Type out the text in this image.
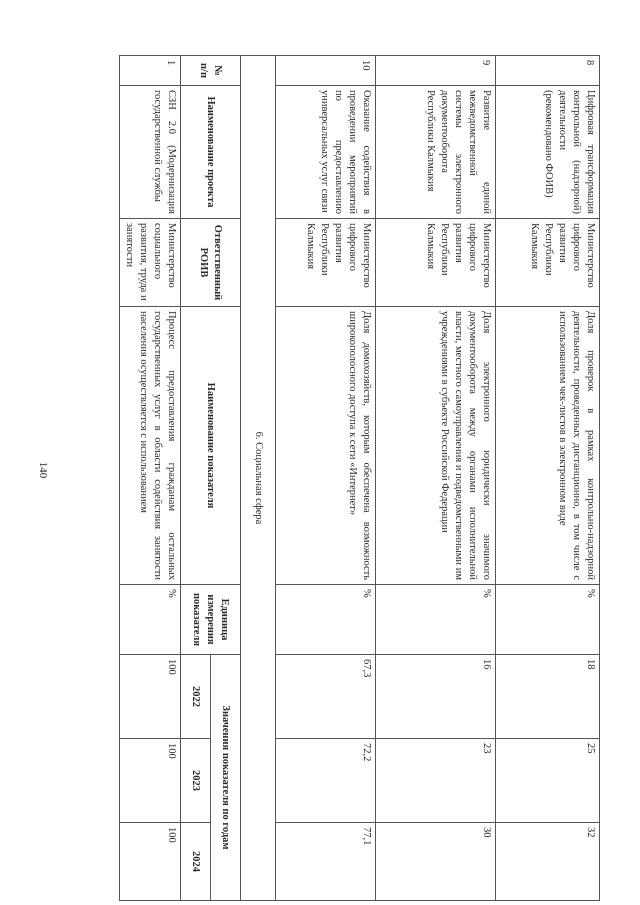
140
8	Цифровая трансформация контрольной (надзорной) деятельности (рекомендовано ФОИВ)	Министерство цифрового развития Республики Калмыкия	Доля проверок в рамках контрольно-надзорной деятельности, проведенных дистанционно, в том числе с использованием чек-листов в электронном виде	%	18	25	32
9	Развитие единой межведомственной системы электронного документооборота Республики Калмыкия	Министерство цифрового развития Республики Калмыкия	Доля электронного юридически значимого документооборота между органами исполнительной власти, местного самоуправления и подведомственными им учреждениями в субъекте Российской Федерации	%	16	23	30
10	Оказание содействия в проведении мероприятий по предоставлению универсальных услуг связи	Министерство цифрового развития Республики Калмыкия	Доля домохозяйств, которым обеспечена возможность широкополосного доступа к сети «Интернет»	%	67,3	72,2	77,1
6. Социальная сфера							
№ п/п	Наименование проекта	Ответственный РОИВ	Наименование показателя	Единица измерения показателя	Значения показателя по годам		
					2022	2023	2024
1	СЗН 2.0 (Модернизация государственной службы	Министерство социального развития, труда и занятости	Процесс предоставления гражданам остальных государственных услуг в области содействия занятости населения осуществляется с использованием	%	100	100	100
